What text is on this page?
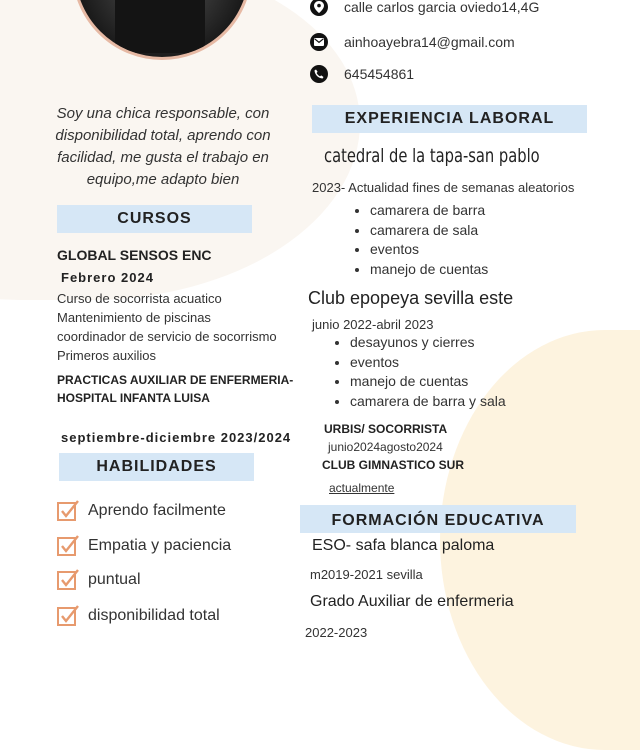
calle carlos garcia oviedo14,4G
ainhoayebra14@gmail.com
645454861
Soy una chica responsable, con disponibilidad total, aprendo con facilidad, me gusta el trabajo en equipo,me adapto bien
EXPERIENCIA LABORAL
catedral de la tapa-san pablo
2023- Actualidad fines de semanas aleatorios
• camarera de barra
• camarera de sala
• eventos
• manejo de cuentas
Club epopeya sevilla este
junio 2022-abril 2023
• desayunos y cierres
• eventos
• manejo de cuentas
• camarera de barra y sala
URBIS/ SOCORRISTA
junio2024agosto2024
CLUB GIMNASTICO SUR
actualmente
FORMACIÓN EDUCATIVA
ESO- safa blanca paloma
m2019-2021 sevilla
Grado Auxiliar de enfermeria
2022-2023
CURSOS
GLOBAL SENSOS ENC
Febrero 2024
Curso de socorrista acuatico
Mantenimiento de piscinas
coordinador de servicio de socorrismo
Primeros auxilios
PRACTICAS AUXILIAR DE ENFERMERIA- HOSPITAL INFANTA LUISA
septiembre-diciembre 2023/2024
HABILIDADES
Aprendo facilmente
Empatia y paciencia
puntual
disponibilidad total
